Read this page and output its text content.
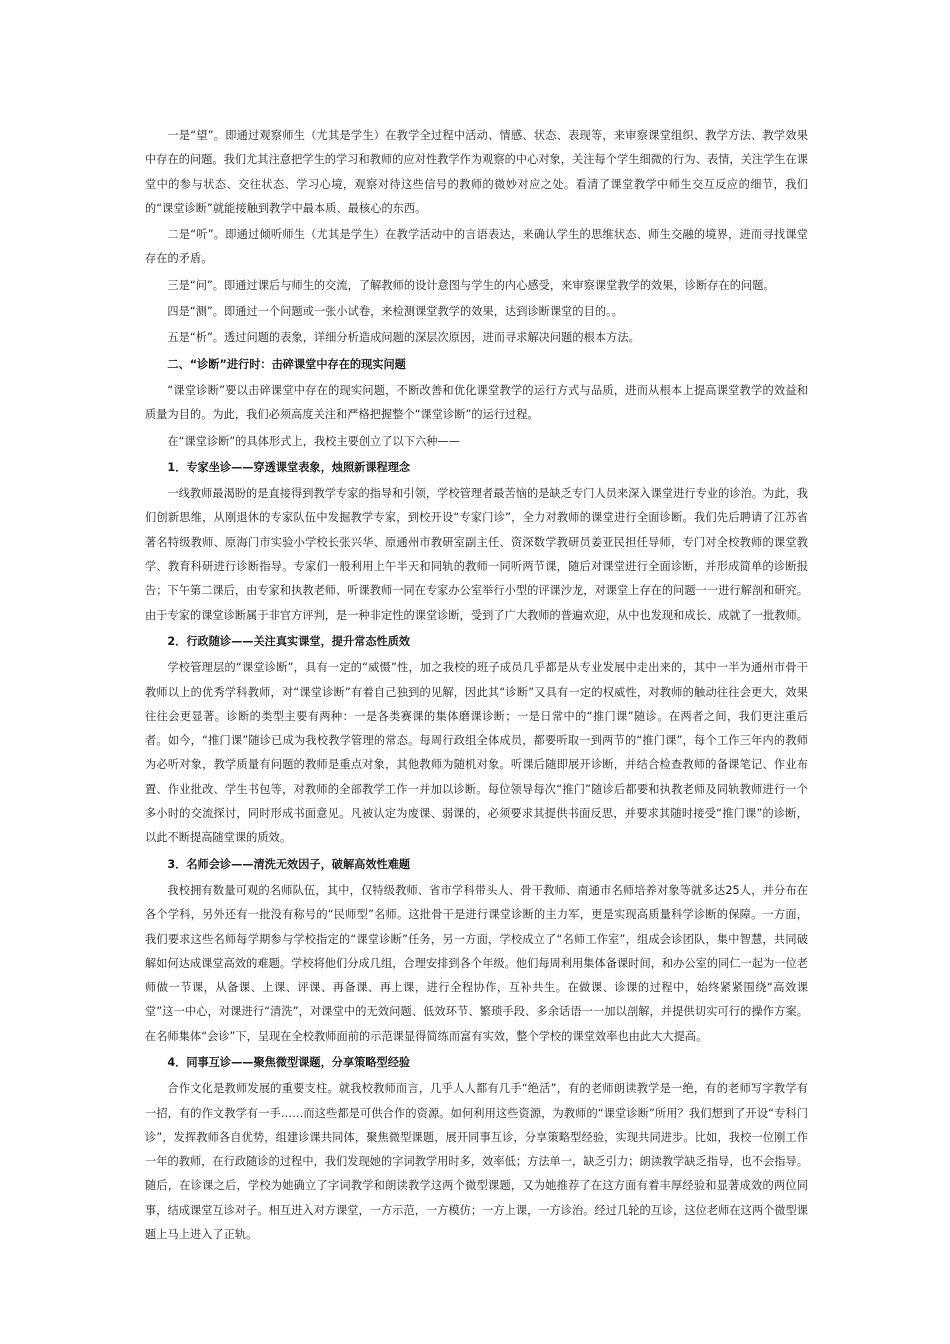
一是“望”。即通过观察师生（尤其是学生）在教学全过程中活动、情感、状态、表现等，来审察课堂组织、教学方法、教学效果中存在的问题。我们尤其注意把学生的学习和教师的应对性教学作为观察的中心对象，关注每个学生细微的行为、表情，关注学生在课堂中的参与状态、交往状态、学习心境，观察对待这些信号的教师的微妙对应之处。看清了课堂教学中师生交互反应的细节，我们的“课堂诊断”就能接触到教学中最本质、最核心的东西。

二是“听”。即通过倾听师生（尤其是学生）在教学活动中的言语表达，来确认学生的思维状态、师生交融的境界，进而寻找课堂存在的矛盾。

三是“问”。即通过课后与师生的交流，了解教师的设计意图与学生的内心感受，来审察课堂教学的效果，诊断存在的问题。

四是“测”。即通过一个问题或一张小试卷，来检测课堂教学的效果，达到诊断课堂的目的。。

五是“析”。透过问题的表象，详细分析造成问题的深层次原因，进而寻求解决问题的根本方法。

二、“诊断”进行时：击碎课堂中存在的现实问题

“课堂诊断”要以击碎课堂中存在的现实问题，不断改善和优化课堂教学的运行方式与品质，进而从根本上提高课堂教学的效益和质量为目的。为此，我们必须高度关注和严格把握整个“课堂诊断”的运行过程。

在“课堂诊断”的具体形式上，我校主要创立了以下六种——

1．专家坐诊——穿透课堂表象，烛照新课程理念

一线教师最渴盼的是直接得到教学专家的指导和引领，学校管理者最苦恼的是缺乏专门人员来深入课堂进行专业的诊治。为此，我们创新思维，从刚退休的专家队伍中发掘教学专家，到校开设“专家门诊”，全力对教师的课堂进行全面诊断。我们先后聘请了江苏省著名特级教师、原海门市实验小学校长张兴华、原通州市教研室副主任、资深数学教研员姜亚民担任导师，专门对全校教师的课堂教学、教育科研进行诊断指导。专家们一般利用上午半天和同轨的教师一同听两节课，随后对课堂进行全面诊断，并形成简单的诊断报告；下午第二课后，由专家和执教老师、听课教师一同在专家办公室举行小型的评课沙龙，对课堂上存在的问题一一进行解剖和研究。由于专家的课堂诊断属于非官方评判，是一种非定性的课堂诊断，受到了广大教师的普遍欢迎，从中也发现和成长、成就了一批教师。

2．行政随诊——关注真实课堂，提升常态性质效

学校管理层的“课堂诊断”，具有一定的“威慑”性，加之我校的班子成员几乎都是从专业发展中走出来的，其中一半为通州市骨干教师以上的优秀学科教师，对“课堂诊断”有着自己独到的见解，因此其“诊断”又具有一定的权威性，对教师的触动往往会更大，效果往往会更显著。诊断的类型主要有两种：一是各类赛课的集体磨课诊断；一是日常中的“推门课”随诊。在两者之间，我们更注重后者。如今，“推门课”随诊已成为我校教学管理的常态。每周行政组全体成员，都要听取一到两节的“推门课”，每个工作三年内的教师为必听对象，教学质量有问题的教师是重点对象，其他教师为随机对象。听课后随即展开诊断，并结合检查教师的备课笔记、作业布置、作业批改、学生书包等，对教师的全部教学工作一并加以诊断。每位领导每次“推门”随诊后都要和执教老师及同轨教师进行一个多小时的交流探讨，同时形成书面意见。凡被认定为废课、弱课的，必须要求其提供书面反思，并要求其随时接受“推门课”的诊断，以此不断提高随堂课的质效。

3．名师会诊——清洗无效因子，破解高效性难题

我校拥有数量可观的名师队伍，其中，仅特级教师、省市学科带头人、骨干教师、南通市名师培养对象等就多达25人，并分布在各个学科，另外还有一批没有称号的“民师型”名师。这批骨干是进行课堂诊断的主力军，更是实现高质量科学诊断的保障。一方面，我们要求这些名师每学期参与学校指定的“课堂诊断”任务，另一方面，学校成立了“名师工作室”，组成会诊团队，集中智慧，共同破解如何达成课堂高效的难题。学校将他们分成几组，合理安排到各个年级。他们每周利用集体备课时间，和办公室的同仁一起为一位老师做一节课，从备课、上课、评课、再备课、再上课，进行全程协作，互补共生。在做课、诊课的过程中，始终紧紧围绕“高效课堂”这一中心，对课进行“清洗”，对课堂中的无效问题、低效环节、繁琐手段、多余话语一一加以剖解，并提供切实可行的操作方案。在名师集体“会诊”下，呈现在全校教师面前的示范课显得简练而富有实效，整个学校的课堂效率也由此大大提高。

4．同事互诊——聚焦微型课题，分享策略型经验

合作文化是教师发展的重要支柱。就我校教师而言，几乎人人都有几手“绝活”，有的老师朗读教学是一绝，有的老师写字教学有一招，有的作文教学有一手……而这些都是可供合作的资源。如何利用这些资源，为教师的“课堂诊断”所用？我们想到了开设“专科门诊”，发挥教师各自优势，组建诊课共同体，聚焦微型课题，展开同事互诊，分享策略型经验，实现共同进步。比如，我校一位刚工作一年的教师，在行政随诊的过程中，我们发现她的字词教学用时多，效率低；方法单一，缺乏引力；朗读教学缺乏指导，也不会指导。随后，在诊课之后，学校为她确立了字词教学和朗读教学这两个微型课题，又为她推荐了在这方面有着丰厚经验和显著成效的两位同事，结成课堂互诊对子。相互进入对方课堂，一方示范，一方模仿；一方上课，一方诊治。经过几轮的互诊，这位老师在这两个微型课题上马上进入了正轨。
